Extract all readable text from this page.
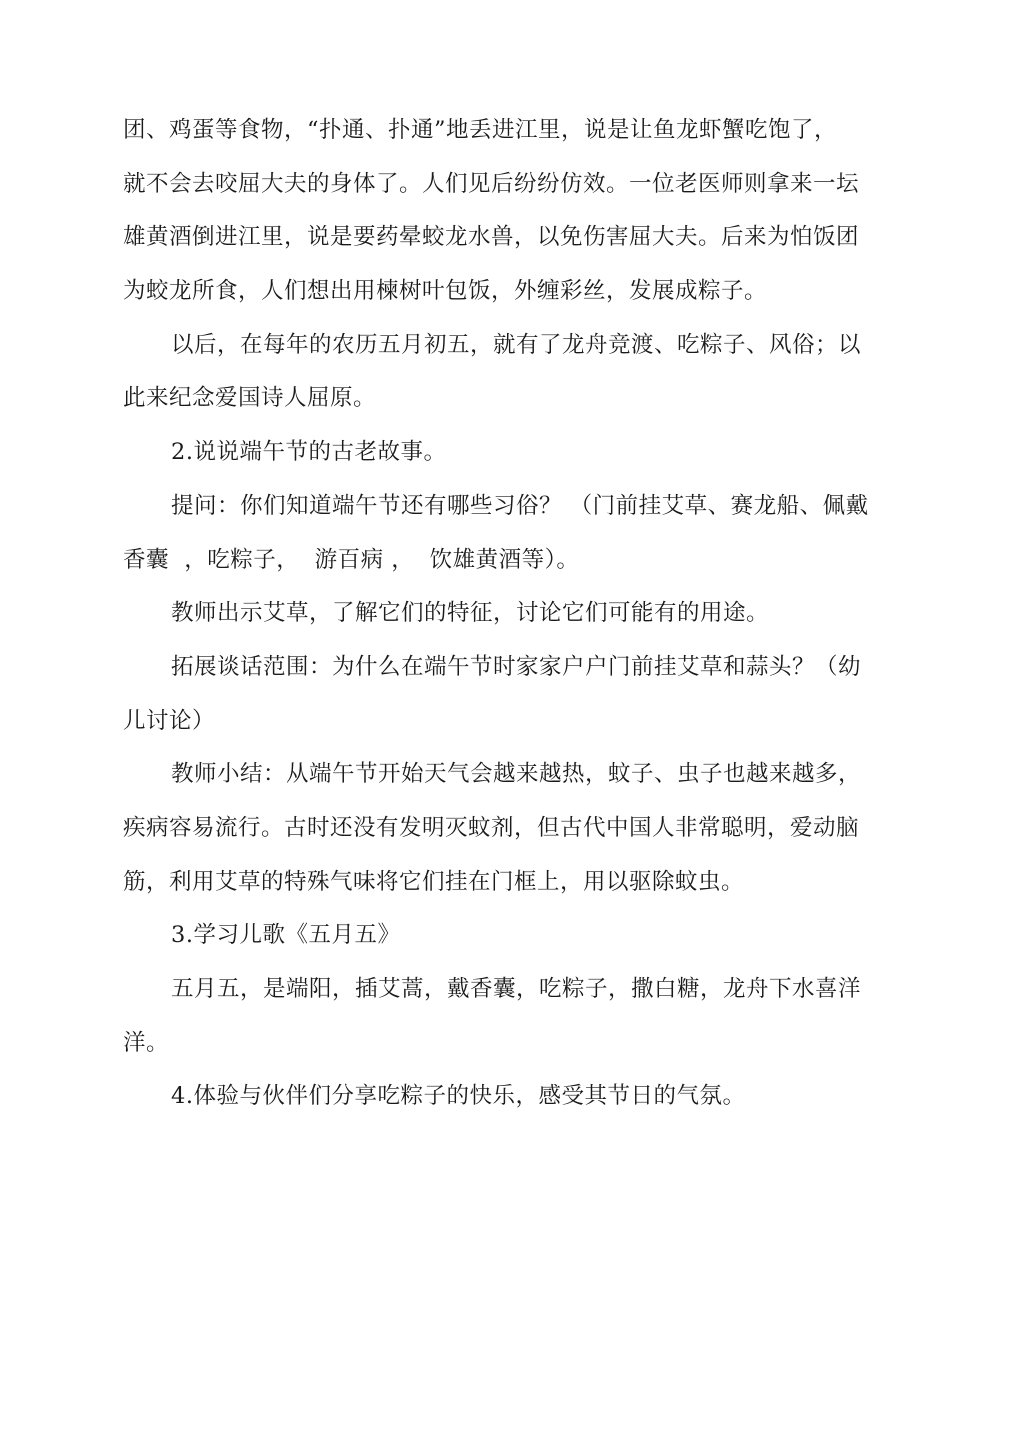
团、鸡蛋等食物，“扑通、扑通”地丢进江里，说是让鱼龙虾蟹吃饱了，
就不会去咬屈大夫的身体了。人们见后纷纷仿效。一位老医师则拿来一坛
雄黄酒倒进江里，说是要药晕蛟龙水兽，以免伤害屈大夫。后来为怕饭团
为蛟龙所食，人们想出用楝树叶包饭，外缠彩丝，发展成粽子。
以后，在每年的农历五月初五，就有了龙舟竞渡、吃粽子、风俗；以
此来纪念爱国诗人屈原。
2.说说端午节的古老故事。
提问：你们知道端午节还有哪些习俗？ （门前挂艾草、赛龙船、佩戴
香囊  ，吃粽子，  游百病 ，  饮雄黄酒等）。
教师出示艾草，了解它们的特征，讨论它们可能有的用途。
拓展谈话范围：为什么在端午节时家家户户门前挂艾草和蒜头？（幼
儿讨论）
教师小结：从端午节开始天气会越来越热，蚊子、虫子也越来越多，
疾病容易流行。古时还没有发明灭蚊剂，但古代中国人非常聪明，爱动脑
筋，利用艾草的特殊气味将它们挂在门框上，用以驱除蚊虫。
3.学习儿歌《五月五》
五月五，是端阳，插艾蒿，戴香囊，吃粽子，撒白糖，龙舟下水喜洋
洋。
4.体验与伙伴们分享吃粽子的快乐，感受其节日的气氛。
